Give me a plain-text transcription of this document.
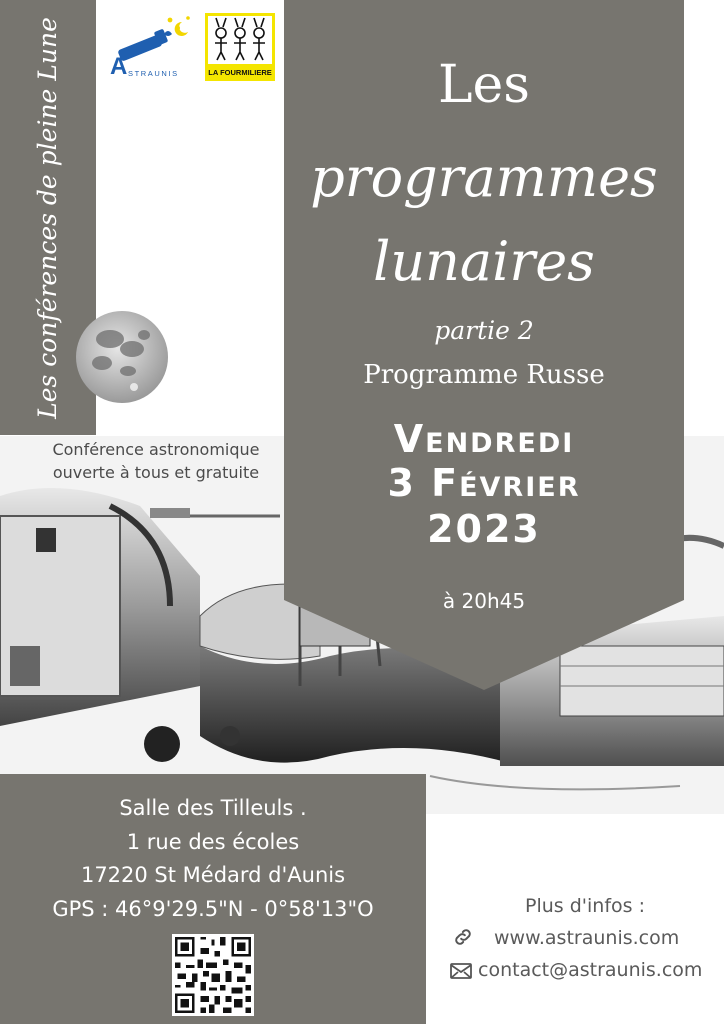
Les conférences de pleine Lune A STRAUNIS	LA FOURMILIERE	Les
programmes
lunaires
partie 2
Programme Russe
Vendredi
3 Février
2023
à 20h45
Conférence astronomique
ouverte à tous et gratuite
Salle des Tilleuls .
1 rue des écoles
17220 St Médard d'Aunis
GPS : 46°9'29.5"N - 0°58'13"O	Plus d'infos :
www.astraunis.com
contact@astraunis.com
